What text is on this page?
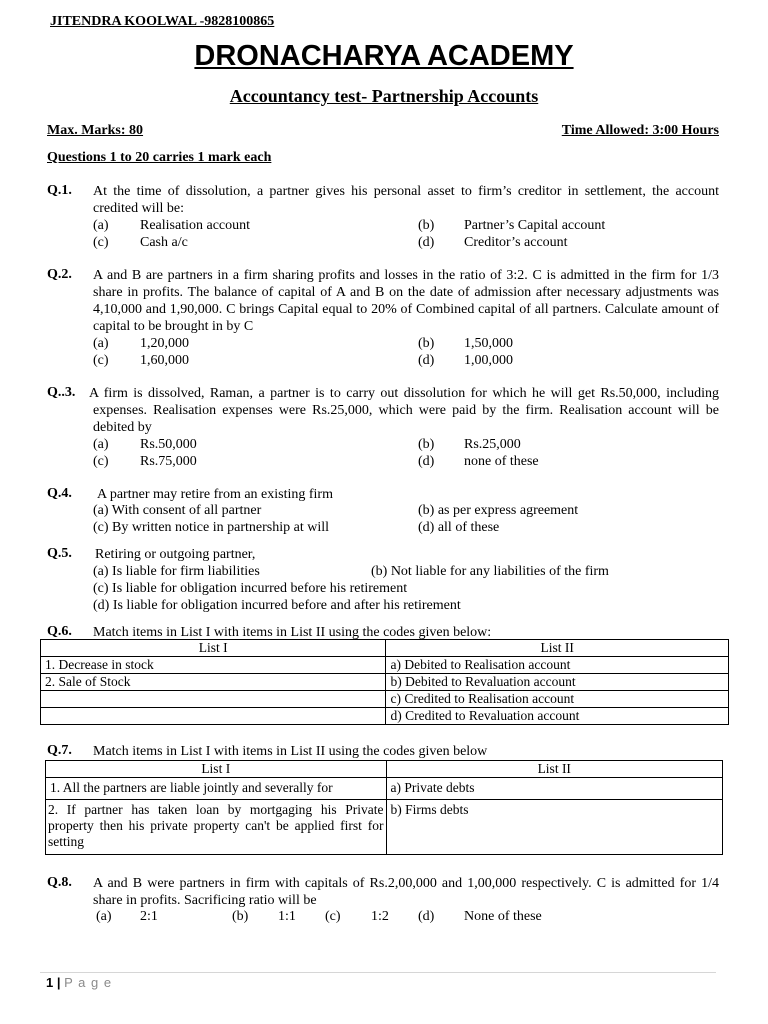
JITENDRA KOOLWAL -9828100865
DRONACHARYA ACADEMY
Accountancy test- Partnership Accounts
Max. Marks: 80	Time Allowed: 3:00 Hours
Questions 1 to 20 carries 1 mark each
Q.1. At the time of dissolution, a partner gives his personal asset to firm’s creditor in settlement, the account credited will be:
(a) Realisation account	(b) Partner’s Capital account
(c) Cash a/c	(d) Creditor’s account
Q.2. A and B are partners in a firm sharing profits and losses in the ratio of 3:2. C is admitted in the firm for 1/3 share in profits. The balance of capital of A and B on the date of admission after necessary adjustments was 4,10,000 and 1,90,000. C brings Capital equal to 20% of Combined capital of all partners. Calculate amount of capital to be brought in by C
(a) 1,20,000	(b) 1,50,000
(c) 1,60,000	(d) 1,00,000
Q..3. A firm is dissolved, Raman, a partner is to carry out dissolution for which he will get Rs.50,000, including expenses. Realisation expenses were Rs.25,000, which were paid by the firm. Realisation account will be debited by
(a) Rs.50,000	(b) Rs.25,000
(c) Rs.75,000	(d) none of these
Q.4. A partner may retire from an existing firm
(a) With consent of all partner	(b) as per express agreement
(c) By written notice in partnership at will	(d) all of these
Q.5. Retiring or outgoing partner,
(a) Is liable for firm liabilities	(b) Not liable for any liabilities of the firm
(c) Is liable for obligation incurred before his retirement
(d) Is liable for obligation incurred before and after his retirement
Q.6. Match items in List I with items in List II using the codes given below:
List I	List II
1. Decrease in stock	a) Debited to Realisation account
2. Sale of Stock	b) Debited to Revaluation account
	c) Credited to Realisation account
	d) Credited to Revaluation account
Q.7. Match items in List I with items in List II using the codes given below
List I	List II
1. All the partners are liable jointly and severally for	a) Private debts
2. If partner has taken loan by mortgaging his Private property then his private property can't be applied first for setting	b) Firms debts
Q.8. A and B were partners in firm with capitals of Rs.2,00,000 and 1,00,000 respectively. C is admitted for 1/4 share in profits. Sacrificing ratio will be
(a) 2:1	(b) 1:1 (c) 1:2 (d) None of these
1 | P a g e
